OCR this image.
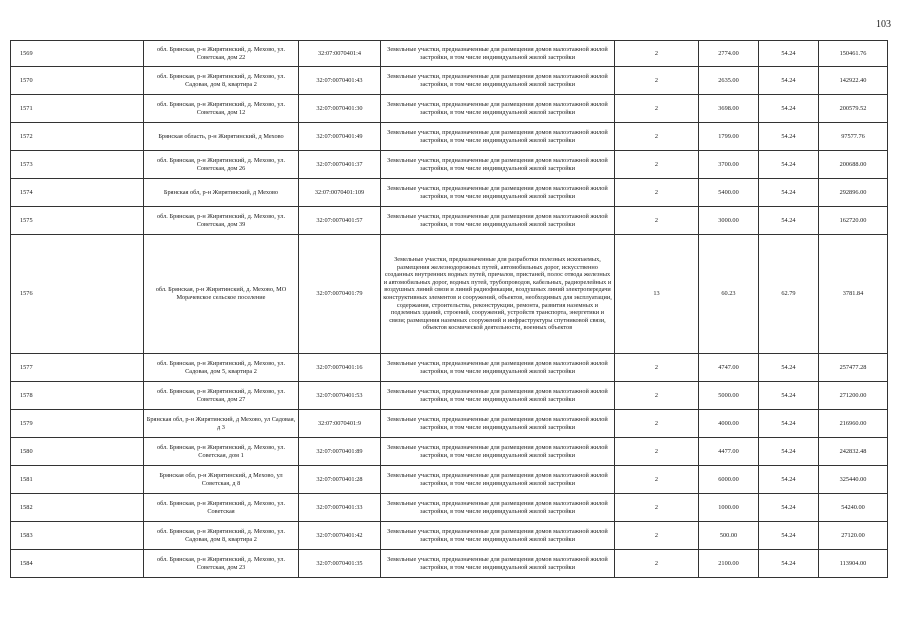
103
1569	обл. Брянская, р-н Жирятинский, д. Мехово, ул. Советская, дом 22	32:07:0070401:4	Земельные участки, предназначенные для размещения домов малоэтажной жилой застройки, в том числе индивидуальной жилой застройки	2	2774.00	54.24	150461.76
1570	обл. Брянская, р-н Жирятинский, д. Мехово, ул. Садовая, дом 8, квартира 2	32:07:0070401:43	Земельные участки, предназначенные для размещения домов малоэтажной жилой застройки, в том числе индивидуальной жилой застройки	2	2635.00	54.24	142922.40
1571	обл. Брянская, р-н Жирятинский, д. Мехово, ул. Советская, дом 12	32:07:0070401:30	Земельные участки, предназначенные для размещения домов малоэтажной жилой застройки, в том числе индивидуальной жилой застройки	2	3698.00	54.24	200579.52
1572	Брянская область, р-н Жирятинский, д Мехово	32:07:0070401:49	Земельные участки, предназначенные для размещения домов малоэтажной жилой застройки, в том числе индивидуальной жилой застройки	2	1799.00	54.24	97577.76
1573	обл. Брянская, р-н Жирятинский, д. Мехово, ул. Советская, дом 26	32:07:0070401:37	Земельные участки, предназначенные для размещения домов малоэтажной жилой застройки, в том числе индивидуальной жилой застройки	2	3700.00	54.24	200688.00
1574	Брянская обл, р-н Жирятинский, д Мехово	32:07:0070401:109	Земельные участки, предназначенные для размещения домов малоэтажной жилой застройки, в том числе индивидуальной жилой застройки	2	5400.00	54.24	292896.00
1575	обл. Брянская, р-н Жирятинский, д. Мехово, ул. Советская, дом 39	32:07:0070401:57	Земельные участки, предназначенные для размещения домов малоэтажной жилой застройки, в том числе индивидуальной жилой застройки	2	3000.00	54.24	162720.00
1576	обл. Брянская, р-н Жирятинский, д. Мехово, МО Морачевское сельское поселение	32:07:0070401:79	Земельные участки, предназначенные для разработки полезных ископаемых, размещения железнодорожных путей, автомобильных дорог, искусственно созданных внутренних водных путей, причалов, пристаней, полос отвода железных и автомобильных дорог, водных путей, трубопроводов, кабельных, радиорелейных и воздушных линий связи и линий радиофикации, воздушных линий электропередачи конструктивных элементов и сооружений, объектов, необходимых для эксплуатации, содержания, строительства, реконструкции, ремонта, развития наземных и подземных зданий, строений, сооружений, устройств транспорта, энергетики и связи; размещения наземных сооружений и инфраструктуры спутниковой связи, объектов космической деятельности, военных объектов	13	60.23	62.79	3781.84
1577	обл. Брянская, р-н Жирятинский, д. Мехово, ул. Садовая, дом 5, квартира 2	32:07:0070401:16	Земельные участки, предназначенные для размещения домов малоэтажной жилой застройки, в том числе индивидуальной жилой застройки	2	4747.00	54.24	257477.28
1578	обл. Брянская, р-н Жирятинский, д. Мехово, ул. Советская, дом 27	32:07:0070401:53	Земельные участки, предназначенные для размещения домов малоэтажной жилой застройки, в том числе индивидуальной жилой застройки	2	5000.00	54.24	271200.00
1579	Брянская обл, р-н Жирятинский, д Мехово, ул Садовая, д 3	32:07:0070401:9	Земельные участки, предназначенные для размещения домов малоэтажной жилой застройки, в том числе индивидуальной жилой застройки	2	4000.00	54.24	216960.00
1580	обл. Брянская, р-н Жирятинский, д. Мехово, ул. Советская, дом 1	32:07:0070401:89	Земельные участки, предназначенные для размещения домов малоэтажной жилой застройки, в том числе индивидуальной жилой застройки	2	4477.00	54.24	242832.48
1581	Брянская обл, р-н Жирятинский, д Мехово, ул Советская, д 8	32:07:0070401:28	Земельные участки, предназначенные для размещения домов малоэтажной жилой застройки, в том числе индивидуальной жилой застройки	2	6000.00	54.24	325440.00
1582	обл. Брянская, р-н Жирятинский, д. Мехово, ул. Советская	32:07:0070401:33	Земельные участки, предназначенные для размещения домов малоэтажной жилой застройки, в том числе индивидуальной жилой застройки	2	1000.00	54.24	54240.00
1583	обл. Брянская, р-н Жирятинский, д. Мехово, ул. Садовая, дом 8, квартира 2	32:07:0070401:42	Земельные участки, предназначенные для размещения домов малоэтажной жилой застройки, в том числе индивидуальной жилой застройки	2	500.00	54.24	27120.00
1584	обл. Брянская, р-н Жирятинский, д. Мехово, ул. Советская, дом 23	32:07:0070401:35	Земельные участки, предназначенные для размещения домов малоэтажной жилой застройки, в том числе индивидуальной жилой застройки	2	2100.00	54.24	113904.00
